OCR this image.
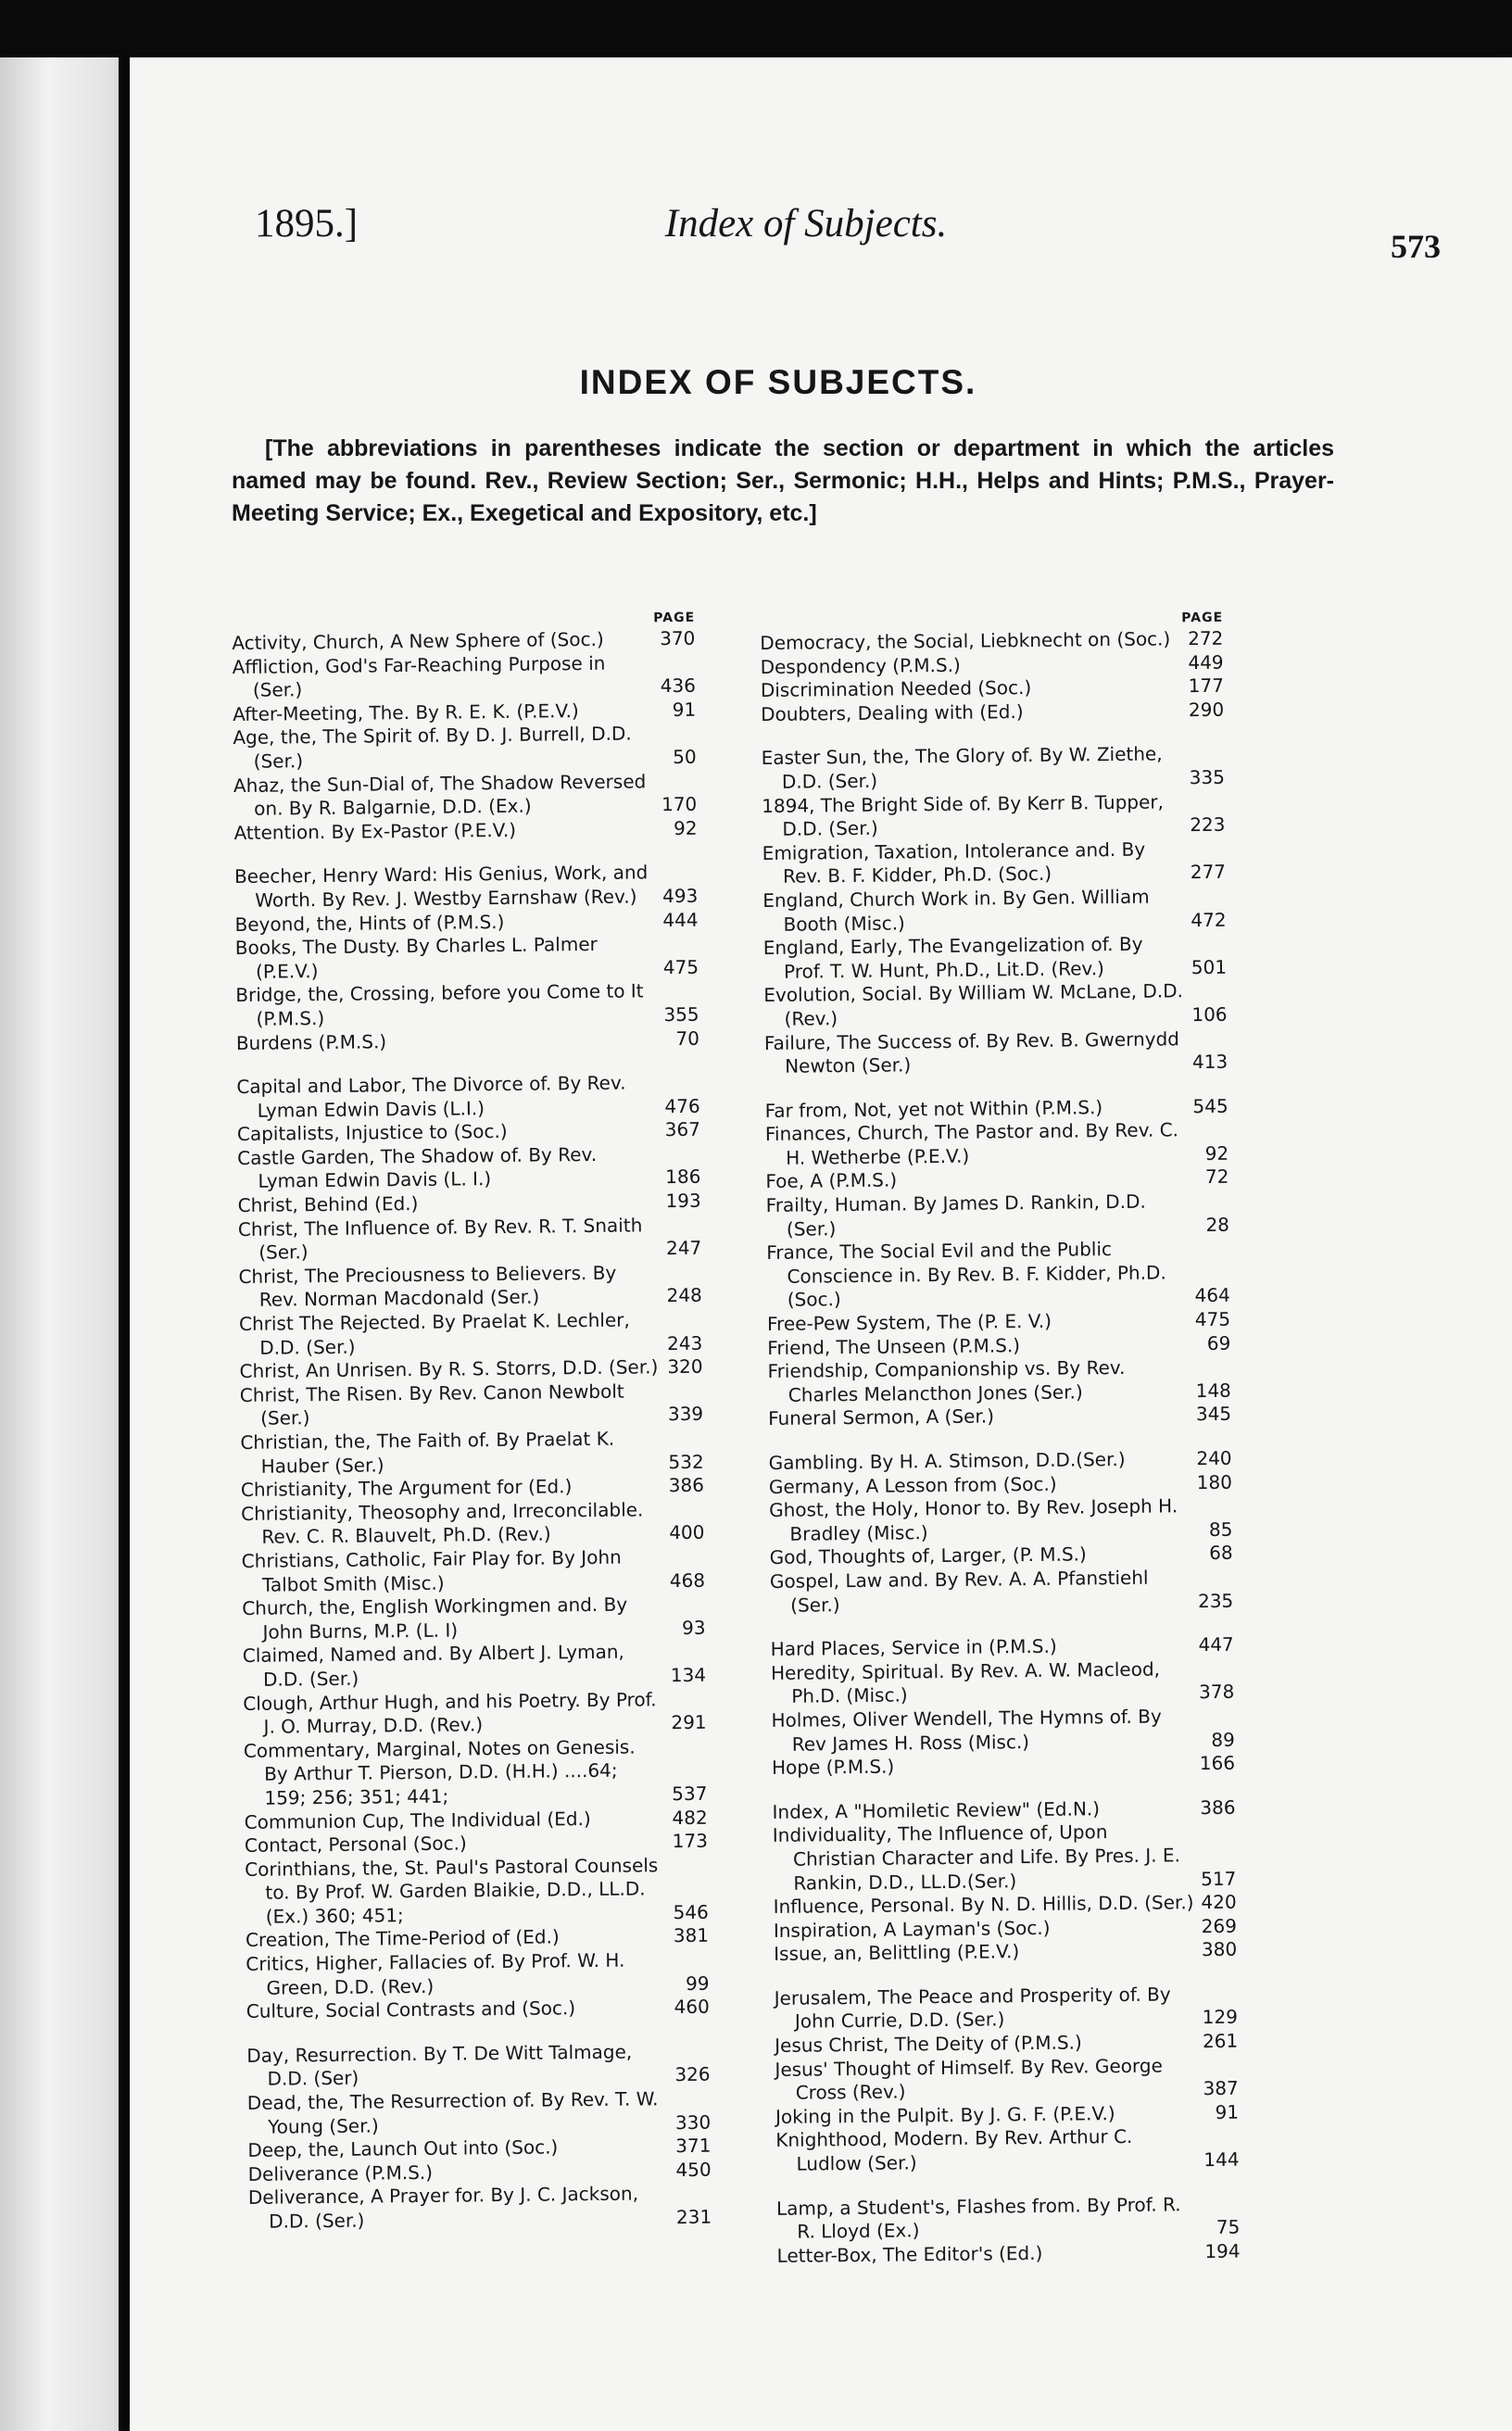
1895.]	Index of Subjects.
573
INDEX OF SUBJECTS.
[The abbreviations in parentheses indicate the section or department in which the articles named may be found. Rev., Review Section; Ser., Sermonic; H.H., Helps and Hints; P.M.S., Prayer-Meeting Service; Ex., Exegetical and Expository, etc.]
PAGE
Activity, Church, A New Sphere of (Soc.)	370
Affliction, God's Far-Reaching Purpose in (Ser.)	436
After-Meeting, The. By R. E. K. (P.E.V.)	91
Age, the, The Spirit of. By D. J. Burrell, D.D. (Ser.)	50
Ahaz, the Sun-Dial of, The Shadow Reversed on. By R. Balgarnie, D.D. (Ex.)	170
Attention. By Ex-Pastor (P.E.V.)	92
Beecher, Henry Ward: His Genius, Work, and Worth. By Rev. J. Westby Earnshaw (Rev.)	493
Beyond, the, Hints of (P.M.S.)	444
Books, The Dusty. By Charles L. Palmer (P.E.V.)	475
Bridge, the, Crossing, before you Come to It (P.M.S.)	355
Burdens (P.M.S.)	70
Capital and Labor, The Divorce of. By Rev. Lyman Edwin Davis (L.I.)	476
Capitalists, Injustice to (Soc.)	367
Castle Garden, The Shadow of. By Rev. Lyman Edwin Davis (L. I.)	186
Christ, Behind (Ed.)	193
Christ, The Influence of. By Rev. R. T. Snaith (Ser.)	247
Christ, The Preciousness to Believers. By Rev. Norman Macdonald (Ser.)	248
Christ The Rejected. By Praelat K. Lechler, D.D. (Ser.)	243
Christ, An Unrisen. By R. S. Storrs, D.D. (Ser.) 320
Christ, The Risen. By Rev. Canon Newbolt (Ser.)	339
Christian, the, The Faith of. By Praelat K. Hauber (Ser.)	532
Christianity, The Argument for (Ed.)	386
Christianity, Theosophy and, Irreconcilable. Rev. C. R. Blauvelt, Ph.D. (Rev.)	400
Christians, Catholic, Fair Play for. By John Talbot Smith (Misc.)	468
Church, the, English Workingmen and. By John Burns, M.P. (L. I)	93
Claimed, Named and. By Albert J. Lyman, D.D. (Ser.)	134
Clough, Arthur Hugh, and his Poetry. By Prof. J. O. Murray, D.D. (Rev.)	291
Commentary, Marginal, Notes on Genesis. By Arthur T. Pierson, D.D. (H.H.) ....64; 159; 256; 351; 441;	537
Communion Cup, The Individual (Ed.)	482
Contact, Personal (Soc.)	173
Corinthians, the, St. Paul's Pastoral Counsels to. By Prof. W. Garden Blaikie, D.D., LL.D. (Ex.) 360; 451;	546
Creation, The Time-Period of (Ed.)	381
Critics, Higher, Fallacies of. By Prof. W. H. Green, D.D. (Rev.)	99
Culture, Social Contrasts and (Soc.)	460
Day, Resurrection. By T. De Witt Talmage, D.D. (Ser)	326
Dead, the, The Resurrection of. By Rev. T. W. Young (Ser.)	330
Deep, the, Launch Out into (Soc.)	371
Deliverance (P.M.S.)	450
Deliverance, A Prayer for. By J. C. Jackson, D.D. (Ser.)	231
PAGE
Democracy, the Social, Liebknecht on (Soc.) 272
Despondency (P.M.S.)	449
Discrimination Needed (Soc.)	177
Doubters, Dealing with (Ed.)	290
Easter Sun, the, The Glory of. By W. Ziethe, D.D. (Ser.)	335
1894, The Bright Side of. By Kerr B. Tupper, D.D. (Ser.)	223
Emigration, Taxation, Intolerance and. By Rev. B. F. Kidder, Ph.D. (Soc.)	277
England, Church Work in. By Gen. William Booth (Misc.)	472
England, Early, The Evangelization of. By Prof. T. W. Hunt, Ph.D., Lit.D. (Rev.)	501
Evolution, Social. By William W. McLane, D.D. (Rev.)	106
Failure, The Success of. By Rev. B. Gwernydd Newton (Ser.)	413
Far from, Not, yet not Within (P.M.S.)	545
Finances, Church, The Pastor and. By Rev. C. H. Wetherbe (P.E.V.)	92
Foe, A (P.M.S.)	72
Frailty, Human. By James D. Rankin, D.D. (Ser.)	28
France, The Social Evil and the Public Conscience in. By Rev. B. F. Kidder, Ph.D. (Soc.)	464
Free-Pew System, The (P. E. V.)	475
Friend, The Unseen (P.M.S.)	69
Friendship, Companionship vs. By Rev. Charles Melancthon Jones (Ser.)	148
Funeral Sermon, A (Ser.)	345
Gambling. By H. A. Stimson, D.D.(Ser.)	240
Germany, A Lesson from (Soc.)	180
Ghost, the Holy, Honor to. By Rev. Joseph H. Bradley (Misc.)	85
God, Thoughts of, Larger, (P. M.S.)	68
Gospel, Law and. By Rev. A. A. Pfanstiehl (Ser.)	235
Hard Places, Service in (P.M.S.)	447
Heredity, Spiritual. By Rev. A. W. Macleod, Ph.D. (Misc.)	378
Holmes, Oliver Wendell, The Hymns of. By Rev James H. Ross (Misc.)	89
Hope (P.M.S.)	166
Index, A "Homiletic Review" (Ed.N.)	386
Individuality, The Influence of, Upon Christian Character and Life. By Pres. J. E. Rankin, D.D., LL.D.(Ser.)	517
Influence, Personal. By N. D. Hillis, D.D. (Ser.) 420
Inspiration, A Layman's (Soc.)	269
Issue, an, Belittling (P.E.V.)	380
Jerusalem, The Peace and Prosperity of. By John Currie, D.D. (Ser.)	129
Jesus Christ, The Deity of (P.M.S.)	261
Jesus' Thought of Himself. By Rev. George Cross (Rev.)	387
Joking in the Pulpit. By J. G. F. (P.E.V.)	91
Knighthood, Modern. By Rev. Arthur C. Ludlow (Ser.)	144
Lamp, a Student's, Flashes from. By Prof. R. R. Lloyd (Ex.)	75
Letter-Box, The Editor's (Ed.)	194
